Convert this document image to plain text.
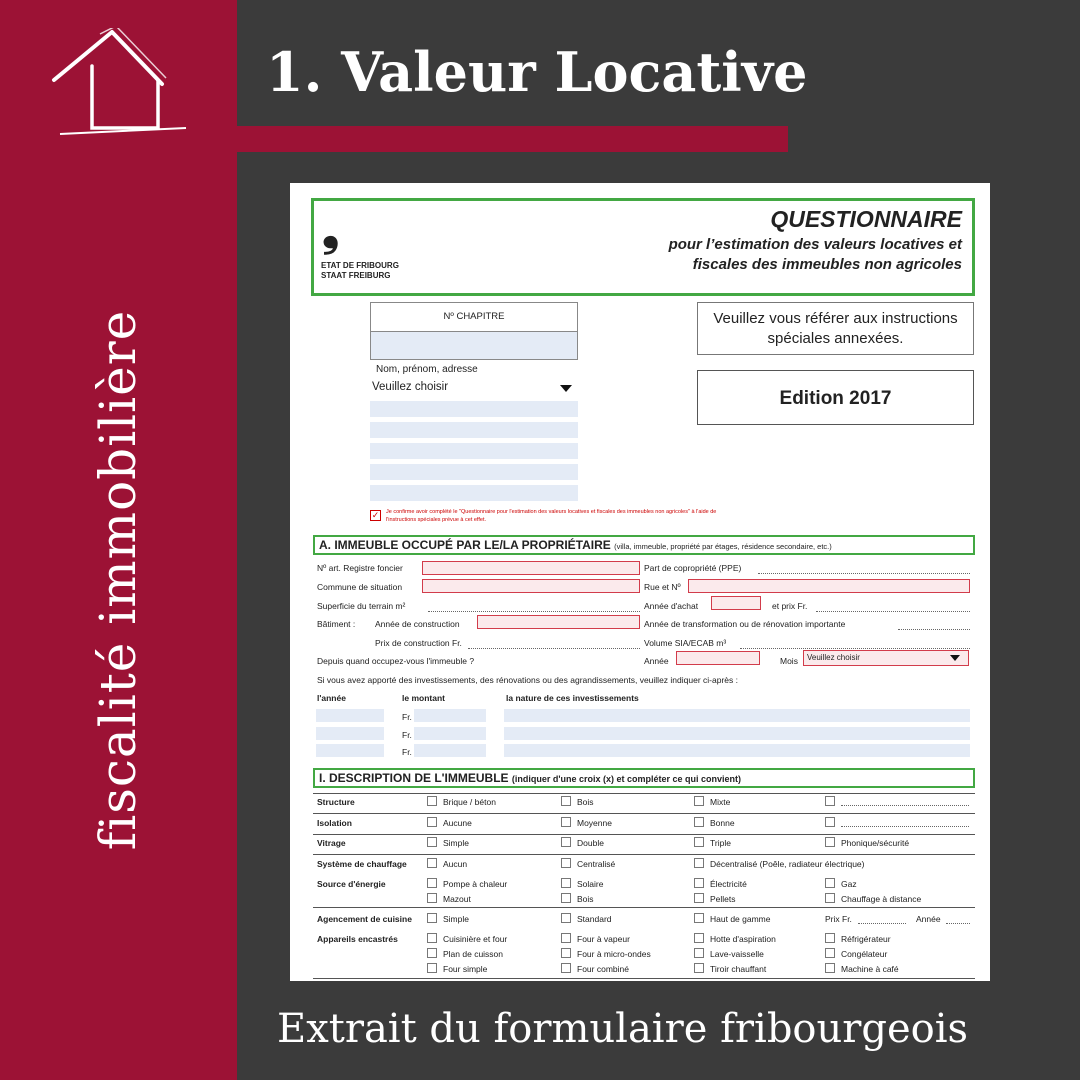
fiscalité immobilière
1. Valeur Locative
❟
ETAT DE FRIBOURG
STAAT FREIBURG
QUESTIONNAIRE
pour l’estimation des valeurs locatives et fiscales des immeubles non agricoles
Nº CHAPITRE
Nom, prénom, adresse
Veuillez choisir
Veuillez vous référer aux instructions spéciales annexées.
Edition 2017
✓	Je confirme avoir complété le "Questionnaire pour l'estimation des valeurs locatives et fiscales des immeubles non agricoles" à l'aide de l'instructions spéciales prévue à cet effet.
A. IMMEUBLE OCCUPÉ PAR LE/LA PROPRIÉTAIRE (villa, immeuble, propriété par étages, résidence secondaire, etc.)
Nº art. Registre foncier	Part de copropriété (PPE)
Commune de situation	Rue et Nº
Superficie du terrain m²	Année d'achat	et prix Fr.
Bâtiment : Année de construction	Année de transformation ou de rénovation importante
Prix de construction Fr.	Volume SIA/ECAB m³
Depuis quand occupez-vous l'immeuble ?	Année	Mois	Veuillez choisir
Si vous avez apporté des investissements, des rénovations ou des agrandissements, veuillez indiquer ci-après :
l'année	le montant	la nature de ces investissements
Fr.
Fr.
Fr.
I. DESCRIPTION DE L'IMMEUBLE (indiquer d'une croix (x) et compléter ce qui convient)
Structure	Brique / béton	Bois	Mixte
Isolation	Aucune	Moyenne	Bonne
Vitrage	Simple	Double	Triple	Phonique/sécurité
Système de chauffage	Aucun	Centralisé	Décentralisé (Poêle, radiateur électrique)
Source d'énergie	Pompe à chaleur	Solaire	Électricité	Gaz
Mazout	Bois	Pellets	Chauffage à distance
Agencement de cuisine	Simple	Standard	Haut de gamme	Prix Fr.	Année
Appareils encastrés	Cuisinière et four	Four à vapeur	Hotte d'aspiration	Réfrigérateur
Plan de cuisson	Four à micro-ondes	Lave-vaisselle	Congélateur
Four simple	Four combiné	Tiroir chauffant	Machine à café
Extrait du formulaire fribourgeois
